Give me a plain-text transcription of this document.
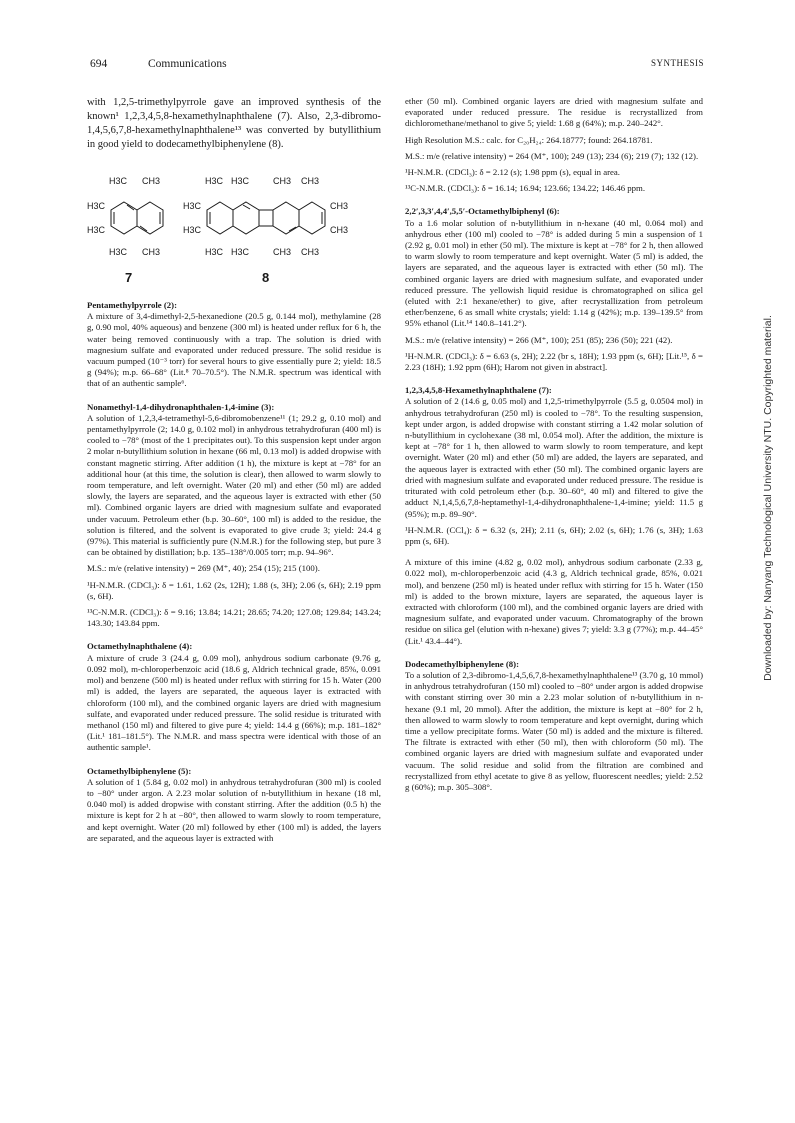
694	Communications	SYNTHESIS

with 1,2,5-trimethylpyrrole gave an improved synthesis of the known¹ 1,2,3,4,5,8-hexamethylnaphthalene (7). Also, 2,3-dibromo-1,4,5,6,7,8-hexamethylnaphthalene¹³ was converted by butyllithium in good yield to dodecamethylbiphenylene (8).

Pentamethylpyrrole (2):

A mixture of 3,4-dimethyl-2,5-hexanedione (20.5 g, 0.144 mol), methylamine (28 g, 0.90 mol, 40% aqueous) and benzene (300 ml) is heated under reflux for 6 h, the water being removed continuously with a trap. The solution is dried with magnesium sulfate and evaporated under reduced pressure. The solid residue is vacuum pumped (10⁻³ torr) for several hours to give essentially pure 2; yield: 18.5 g (94%); m.p. 66–68° (Lit.⁸ 70–70.5°). The N.M.R. spectrum was identical with that of an authentic sample⁶.

Nonamethyl-1,4-dihydronaphthalen-1,4-imine (3):

A solution of 1,2,3,4-tetramethyl-5,6-dibromobenzene¹¹ (1; 29.2 g, 0.10 mol) and pentamethylpyrrole (2; 14.0 g, 0.102 mol) in anhydrous tetrahydrofuran (400 ml) is cooled to −78° (most of the 1 precipitates out). To this suspension kept under argon 2 molar n-butyllithium solution in hexane (66 ml, 0.13 mol) is added dropwise with constant magnetic stirring. After addition (1 h), the mixture is kept at −78° for an additional hour (at this time, the solution is clear), then allowed to warm slowly to room temperature, and left overnight. Water (20 ml) and ether (50 ml) are added slowly, the layers are separated, and the aqueous layer is extracted with ether (50 ml). Combined organic layers are dried with magnesium sulfate and evaporated under vacuum. Petroleum ether (b.p. 30–60°, 100 ml) is added to the residue, the solution is filtered, and the solvent is evaporated to give crude 3; yield: 24.4 g (97%). This material is sufficiently pure (N.M.R.) for the following step, but pure 3 can be obtained by distillation; b.p. 135–138°/0.005 torr; m.p. 94–96°.

M.S.: m/e (relative intensity) = 269 (M⁺, 40); 254 (15); 215 (100).

¹H-N.M.R. (CDCl₃): δ = 1.61, 1.62 (2s, 12H); 1.88 (s, 3H); 2.06 (s, 6H); 2.19 ppm (s, 6H).

¹³C-N.M.R. (CDCl₃): δ = 9.16; 13.84; 14.21; 28.65; 74.20; 127.08; 129.84; 143.24; 143.30; 143.84 ppm.

Octamethylnaphthalene (4):

A mixture of crude 3 (24.4 g, 0.09 mol), anhydrous sodium carbonate (9.76 g, 0.092 mol), m-chloroperbenzoic acid (18.6 g, Aldrich technical grade, 85%, 0.091 mol) and benzene (500 ml) is heated under reflux with stirring for 15 h. Water (200 ml) is added, the layers are separated, the aqueous layer is extracted with chloroform (100 ml), and the combined organic layers are dried with magnesium sulfate, and evaporated under reduced pressure. The solid residue is triturated with methanol (150 ml) and filtered to give pure 4; yield: 14.4 g (66%); m.p. 181–182° (Lit.¹ 181–181.5°). The N.M.R. and mass spectra were identical with those of an authentic sample¹.

Octamethylbiphenylene (5):

A solution of 1 (5.84 g, 0.02 mol) in anhydrous tetrahydrofuran (300 ml) is cooled to −80° under argon. A 2.23 molar solution of n-butyllithium in hexane (18 ml, 0.040 mol) is added dropwise with constant stirring. After the addition (0.5 h) the mixture is kept for 2 h at −80°, then allowed to warm slowly to room temperature, and kept overnight. Water (20 ml) followed by ether (100 ml) is added, the layers are separated, and the aqueous layer is extracted with

H3C CH3
H3C
H3C
H3C CH3
H3C H3C	CH3 CH3
H3C
H3C
CH3
CH3
H3C H3C	CH3 CH3
7	8

ether (50 ml). Combined organic layers are dried with magnesium sulfate and evaporated under reduced pressure. The residue is recrystallized from dichloromethane/methanol to give 5; yield: 1.68 g (64%); m.p. 240–242°.

High Resolution M.S.: calc. for C₂₀H₂₄: 264.18777; found: 264.18781.

M.S.: m/e (relative intensity) = 264 (M⁺, 100); 249 (13); 234 (6); 219 (7); 132 (12).

¹H-N.M.R. (CDCl₃): δ = 2.12 (s); 1.98 ppm (s), equal in area.

¹³C-N.M.R. (CDCl₃): δ = 16.14; 16.94; 123.66; 134.22; 146.46 ppm.

2,2′,3,3′,4,4′,5,5′-Octamethylbiphenyl (6):

To a 1.6 molar solution of n-butyllithium in n-hexane (40 ml, 0.064 mol) and anhydrous ether (100 ml) cooled to −78° is added during 5 min a suspension of 1 (2.92 g, 0.01 mol) in ether (50 ml). The mixture is kept at −78° for 2 h, then allowed to warm slowly to room temperature and kept overnight. Water (5 ml) is added, the layers are separated, and the aqueous layer is extracted with ether (50 ml). The combined organic layers are dried with magnesium sulfate, and evaporated under reduced pressure. The yellowish liquid residue is chromatographed on silica gel (eluted with 2:1 hexane/ether) to give, after recrystallization from petroleum ether/benzene, 6 as small white crystals; yield: 1.14 g (42%); m.p. 139–139.5° from 95% ethanol (Lit.¹⁴ 140.8–141.2°).

M.S.: m/e (relative intensity) = 266 (M⁺, 100); 251 (85); 236 (50); 221 (42).

¹H-N.M.R. (CDCl₃): δ = 6.63 (s, 2H); 2.22 (br s, 18H); 1.93 ppm (s, 6H); [Lit.¹⁵, δ = 2.23 (18H); 1.92 ppm (6H); Harom not given in abstract].

1,2,3,4,5,8-Hexamethylnaphthalene (7):

A solution of 2 (14.6 g, 0.05 mol) and 1,2,5-trimethylpyrrole (5.5 g, 0.0504 mol) in anhydrous tetrahydrofuran (250 ml) is cooled to −78°. To the resulting suspension, kept under argon, is added dropwise with constant stirring a 1.42 molar solution of n-butyllithium in cyclohexane (38 ml, 0.054 mol). After the addition, the mixture is kept at −78° for 1 h, then allowed to warm slowly to room temperature, and kept overnight. Water (20 ml) and ether (50 ml) are added, the layers are separated, and the aqueous layer is extracted with ether (50 ml). The combined organic layers are dried with magnesium sulfate and evaporated under reduced pressure. The residue is triturated with cold petroleum ether (b.p. 30–60°, 40 ml) and filtered to give the adduct N,1,4,5,6,7,8-heptamethyl-1,4-dihydronaphthalene-1,4-imine; yield: 11.5 g (95%); m.p. 89–90°.

¹H-N.M.R. (CCl₄): δ = 6.32 (s, 2H); 2.11 (s, 6H); 2.02 (s, 6H); 1.76 (s, 3H); 1.63 ppm (s, 6H).

A mixture of this imine (4.82 g, 0.02 mol), anhydrous sodium carbonate (2.33 g, 0.022 mol), m-chloroperbenzoic acid (4.3 g, Aldrich technical grade, 85%, 0.021 mol), and benzene (250 ml) is heated under reflux with stirring for 15 h. Water (150 ml) is added to the brown mixture, layers are separated, the aqueous layer is extracted with chloroform (100 ml), and the combined organic layers are dried with magnesium sulfate, and evaporated under vacuum. Chromatography of the brown residue on silica gel (elution with n-hexane) gives 7; yield: 3.3 g (77%); m.p. 44–45° (Lit.¹ 43.4–44°).

Dodecamethylbiphenylene (8):

To a solution of 2,3-dibromo-1,4,5,6,7,8-hexamethylnaphthalene¹³ (3.70 g, 10 mmol) in anhydrous tetrahydrofuran (150 ml) cooled to −80° under argon is added dropwise with constant stirring over 30 min a 2.23 molar solution of n-butyllithium in n-hexane (9.1 ml, 20 mmol). After the addition, the mixture is kept at −80° for 2 h, then allowed to warm slowly to room temperature and kept overnight, during which time a yellow precipitate forms. Water (50 ml) is added and the mixture is filtered. The filtrate is extracted with ether (50 ml), then with chloroform (50 ml). The combined organic layers are dried with magnesium sulfate and evaporated under vacuum. The solid residue and solid from the filtration are combined and recrystallized from ethyl acetate to give 8 as yellow, fluorescent needles; yield: 2.52 g (60%); m.p. 305–308°.

Downloaded by: Nanyang Technological University NTU. Copyrighted material.
